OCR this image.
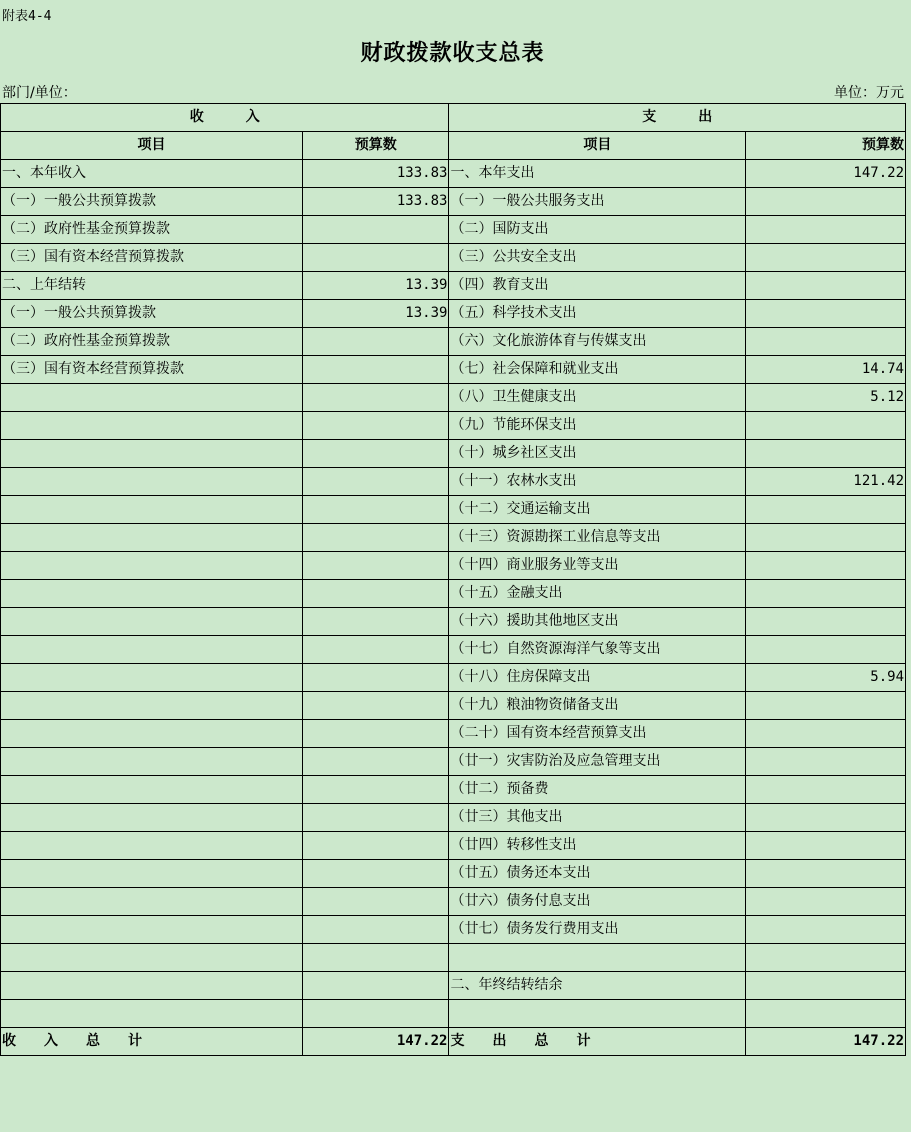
附表4-4
财政拨款收支总表
部门/单位：	单位：万元
收　　　入		支　　　出	
项目	预算数	项目	预算数
一、本年收入	133.83	一、本年支出	147.22
（一）一般公共预算拨款	133.83	（一）一般公共服务支出	
（二）政府性基金预算拨款		（二）国防支出	
（三）国有资本经营预算拨款		（三）公共安全支出	
二、上年结转	13.39	（四）教育支出	
（一）一般公共预算拨款	13.39	（五）科学技术支出	
（二）政府性基金预算拨款		（六）文化旅游体育与传媒支出	
（三）国有资本经营预算拨款		（七）社会保障和就业支出	14.74
		（八）卫生健康支出	5.12
		（九）节能环保支出	
		（十）城乡社区支出	
		（十一）农林水支出	121.42
		（十二）交通运输支出	
		（十三）资源勘探工业信息等支出	
		（十四）商业服务业等支出	
		（十五）金融支出	
		（十六）援助其他地区支出	
		（十七）自然资源海洋气象等支出	
		（十八）住房保障支出	5.94
		（十九）粮油物资储备支出	
		（二十）国有资本经营预算支出	
		（廿一）灾害防治及应急管理支出	
		（廿二）预备费	
		（廿三）其他支出	
		（廿四）转移性支出	
		（廿五）债务还本支出	
		（廿六）债务付息支出	
		（廿七）债务发行费用支出	

		二、年终结转结余	

收　　入　　总　　计	147.22	支　　出　　总　　计	147.22
